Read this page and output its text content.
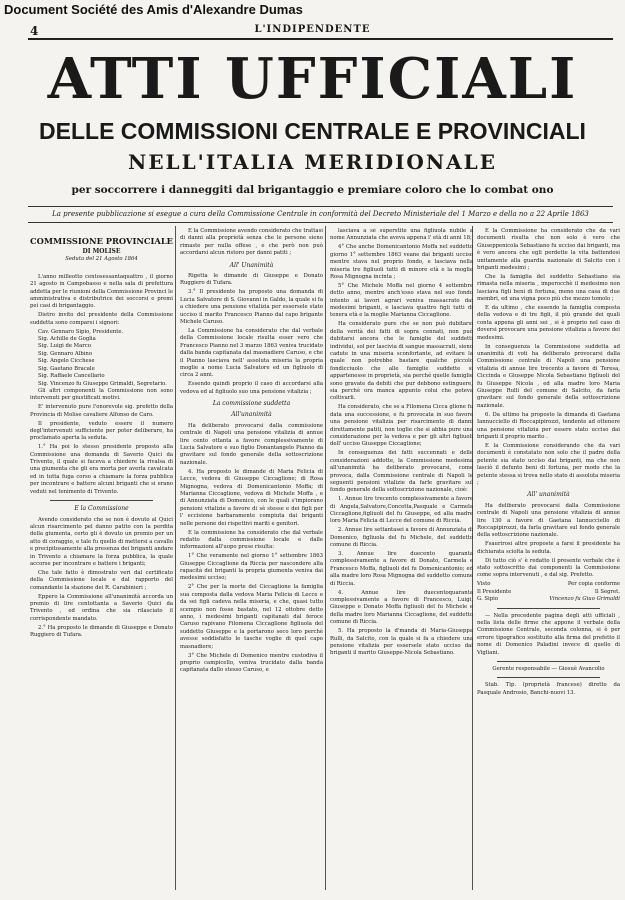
Document Société des Amis d'Alexandre Dumas
4	L'INDIPENDENTE
ATTI UFFICIALI
DELLE COMMISSIONI CENTRALE E PROVINCIALI
NELL'ITALIA MERIDIONALE
per soccorrere i danneggiti dal brigantaggio e premiare coloro che lo combat ono
La presente pubblicazione si esegue a cura della Commissione Centrale in conformità del Decreto Ministeriale del 1 Marzo e della no a 22 Aprile 1863

COMMISSIONE PROVINCIALE

DI MOLISE

Seduta del 21 Agosto 1864

L'anno milleotto centosessantaquattro , il giorno 21 agosto in Campobasso e nella sala di prefettura addetta per le riunioni della Commissione Provinci le amministrativa e distributrice dei soccorsi e premi pei casi di brigantaggio.

Dietro invito del presidente della Commissione suddetta sono comparsi i signori:

Cav. Gennaro Sipio, Presidente.

Sig. Achille de Goglia

Sig. Luigi de Marco

Sig. Gennaro Albino

Sig. Angelo Cicchese

Sig. Gaetano Bracale

Sig. Raffaele Cancellario

Sig. Vincenzo fu Giuseppe Grimaldi, Segretario.

Gli altri componenti la Commissione non sono intervenuti per giustificati motivi.

E' intervenuto pure l'onorevole sig. prefetto della Provincia di Molise cavaliere Alfonso de Caro.

Il presidente, veduto essere il numero degl'intervenuti sufficiente per poter deliberare, ha proclamato aperta la seduta.

1.° Ha poi lo stesso presidente proposto alla Commissione una domanda di Saverio Quici da Trivento, il quale si faceva a chiedere la rivalsa di una giumenta che gli era morta per averla cavalcata ed in tutta fuga corso a chiamare la forza pubblica per incontrare e battere alcuni briganti che si erano veduti nel tenimento di Trivento.

E la Commissione

Avendo considerato che se non è dovuto al Quici alcun risarcimento pel danno patito con la perdita della giumenta, certo gli è dovuto un premio per un atto di coraggio, e tale fu quello di mettersi a cavallo e precipitosamente alla presenza dei briganti andare in Trivento a chiamare la forza pubblica, la quale accorse per incontrare e battere i briganti;

Che tale fatto è dimostrato veri dal certificato della Commissione locale e dal rapporto del comandante la stazione dei R. Carabinieri ;

Eppero la Commissione all'unanimità accorda un premio di lire centottanta a Saverio Quici da Trivento , ed ordina che sia rilasciato il corrispondente mandato.

2.° Ha proposto le dimande di Giuseppe e Donato Ruggiero di Tufara.

E la Commissione avendo considerato che trattasi di danni alla proprietà senza che le persone sieno rimaste per nulla offese , e che però non può accordarsi alcun ristoro per danni patiti ;

All' Unanimità

Rigetta le dimande di Giuseppe e Donato Ruggiero di Tufara.

3.° Il presidente ha proposto una domanda di Lucia Salvatore di S. Giovanni in Galdo, la quale si fa a chiedere una pensione vitalizia per essersele stato ucciso il marito Francesco Pianno dal capo brigante Michele Caruso.

La Commissione ha considerato che dal verbale della Commissione locale risulta esser vero che Francesco Pianno nel 3 marzo 1863 veniva trucidato dalla banda capitanata dal masnadiere Caruso, e che il Pianno lasciava nell' assoluta miseria la propria moglie a nome Lucia Salvatore ed un figliuolo di circa 2 anni.

Essendo quindi proprio il caso di accordarsi alla vedova ed al figliuolo suo una pensione vitalizia ;

La commissione suddetta

All'unanimità

Ha deliberato provocarsi dalla commissione centrale di Napoli una pensione vitalizia di annue lire cento ottanta a favore complessivamente di Lucia Salvatore e suo figlio Donantangelo Pianno da gravitare sul fondo generale della sottoscrizione nazionale.

4. Ha proposto le dimande di Maria Felicia di Lecce, vedova di Giuseppe Ciccaglione; di Rosa Mignogna, vedova di Domenicantonio Moffa; di Marianna Ciccaglione, vedova di Michele Moffa , e di Annunziata di Domenico, con le quali s'impiorano pensioni vitalizie a favore di sè stesse e dei figli per l' eccisione barbaramente compiuta dai briganti nelle persone dei rispettivi mariti e genitori.

E la commissione ha considerato che dal verbale redatto dalla commissione locale e dalle informazioni all'uopo prese risulta:

1° Che veramente nel giorno 1° settembre 1863 Giuseppe Ciccaglione da Riccia per nascondere alla rapacità dei briganti la propria giumenta veniva dai medesimi ucciso;

2° Che per la morte del Ciccaglione la famiglia sua composta dalla vedova Maria Felicia di Lecce e da sei figli cadeva nella miseria, e che, quasi tutto scempio non fosse bastato, nel 12 ottobre detto anno, i medesimi briganti capitanati dal feroce Caruso rapivano Filomena Ciccaglione figliuola del suddetto Giuseppe e la portarono seco loro perchè avesse soddisfatto le tasche voglie di quel capo masnadiere;

3° Che Michele di Domenico mentre custodiva il proprio campicello, veniva trucidato dalla banda capitanata dallo stesso Caruso, e

lasciava a sè superstite una figliuola nubile a nome Annunziata che aveva appena l' età di anni 18;

4° Che anche Domenicantonio Moffa nel suddetto giorno 1° settembre 1863 veane dai briganti ucciso mentre stava nel proprio fondo, e lasciava nella miseria tre figliuoli tutti di minore età e la moglie Rosa Mignogna incinta ;

5° Che Michele Moffa nel giorno 4 settembre detto anno, mentre anch'esso stava nel suo fondo intento ai lavori agrari veniva massacrato dai medesimi briganti, e lasciava quattro figli tutti di tenera età e la moglie Marianna Ciccaglione.

Ha considerato pure che se non può dubitarsi della verità dei fatti di sopra cennati, non può dubitarsi ancora che le famiglie del suddetti individui, sol per lascivia di sangue massacrati, sieno cadute in una miseria sconfortante, ad evitare la quale non potrebbe bastare qualche piccolo fondicciuolo che alle famiglie suddette si appartenesse in proprietà, sia perchè quelle famiglie sono gravate da debiti che pur debbono estinguere, sia perchè ora manca appunto colui che poteva coltivarli.

Ha considerato, che se a Filomena Cicca glione fu data una successione, e fu provocata in suo favore una pensione vitalizia per risarcimento di danni direttamente patiti, non toglie che si abbia pure una considerazione per la vedova e per gli altri figliuoli dell' ucciso Giuseppe Ciccaglione;

In conseguenza dei fatti succennati e delle considerazioni addotte, la Commissione medesima all'unanimità ha deliberato provocarsi, come provoca, dalla Commissione centrale di Napoli le seguenti pensioni vitalizie da farle gravitare sul fondo generale della sottoscrizione nazionale, cioè:

1. Annue lire trecento complessivamente a favore di Angela,Salvatore,Concetta,Pasquale e Carmela Ciccaglione,figliuoli del fu Giuseppe, ed alla madre loro Maria Felicia di Lecce del comune di Riccia.

2. Annue lire settantasei a favore di Annunziata di Domenico, figliuola del fu Michele, del suddetto comune di Riccia.

3. Annue lire duecento quaranta complessivamente a favore di Donato, Carmela e Francesco Moffa, figliuoli del fu Domenicantonio; ed alla madre loro Rosa Mignogna del suddetto comune di Riccia.

4. Annue lire duecentoquaranta complessivamente a favore di Francesco, Luigi, Giuseppe e Donato Moffa figliuoli del fu Michele e della madre loro Marianna Ciccaglione, del suddetto comune di Riccia.

5. Ha proposto la d'manda di Maria-Giuseppa Rulli, da Salcito, con la quale si fa a chiedere una pensione vitalizia per essersele stato ucciso dai briganti il marito Giuseppe-Nicola Sebastiano.

E la Commissione ha considerato che da vari documenti risulta che non solo è vero che Giuseppenicola Sebastiano fu ucciso dai briganti, ma è vero ancora che egli perdette la vita battendosi unitamente alla guardia nazionale di Salcito con i briganti medesimi ;

Che la famiglia del suddetto Sebastiano sia rimasta nella miseria , imperocchè il medesimo non lasciava figli beni di fortuna, meno una casa di due membri, ed una vigna poco più che mezzo tomolo ;

E da ultimo , che essendo la famiglia composta della vedova e di tre figli, il più grande dei quali conta appena gli anni sei , si è proprio nel caso di doversi provocare una pensione vitalizia a favore dei medesimi.

In conseguenza la Commissione suddetta ad unanimità di voti ha deliberato provocarsi dalla Commissione centrale di Napoli una pensione vitalizia di annue lire trecento a favore di Teresa, Ciccinda e Giuseppe Nicola Sebastiano figliuoli del fu Giuseppe Nicola , ed alla madre loro Maria Giuseppe Rulli del comune di Salcito, da farla gravitare sul fondo generale della sottoscrizione nazionale.

6. Da ultimo ha proposto la dimanda di Gaetana Iannucciello di Roccapipirozzi, tendente ad ottenere una pensione vitalizia per essere stato ucciso dai briganti il proprio marito .

E la Commissione considerando che da vari documenti è constatato non solo che il padre della petente sia stato ucciso dai briganti, ma che non lasciò il defunto beni di fortuna, per modo che la petente stessa si trova nello stato di assoluta miseria ;

All' unanimità

Ha deliberato provocarsi dalla Commissione centrale di Napoli una pensione vitalizia di annue lire 130 a favore di Gaetana Iannucciello di Roccapipirozzi, da farla gravitare sul fondo generale della sottoscrizione nazionale.

Fsaurirosi altre proposte a farsi il presidente ha dichiarata sciolta la seduta.

Di tutto ciò s' è redatto il presente verbale che è stato sottoscritto dai componenti la Commissione come sopra intervenuti , e dal sig. Prefetto.

Visto
Il Presidente
G. Sipio
Per copia conforme
Il Segret.
Vincenzo fu Giuo Grimaldi

— Nella precedente pagina degli atti ufficiali , nella lista delle firme che appone il verbale della Commissione Centrale, seconda colonna, si è per errore tipografico sostituito alla firma del prefetto il nome di Domenico Paladini invece di quello di Vigliani.

Gerente responsabile — Giosuè Avancolio

Stab. Tip. (proprietà francese) diretto da Pasquale Androsio, Banchi-nuovi 13.
